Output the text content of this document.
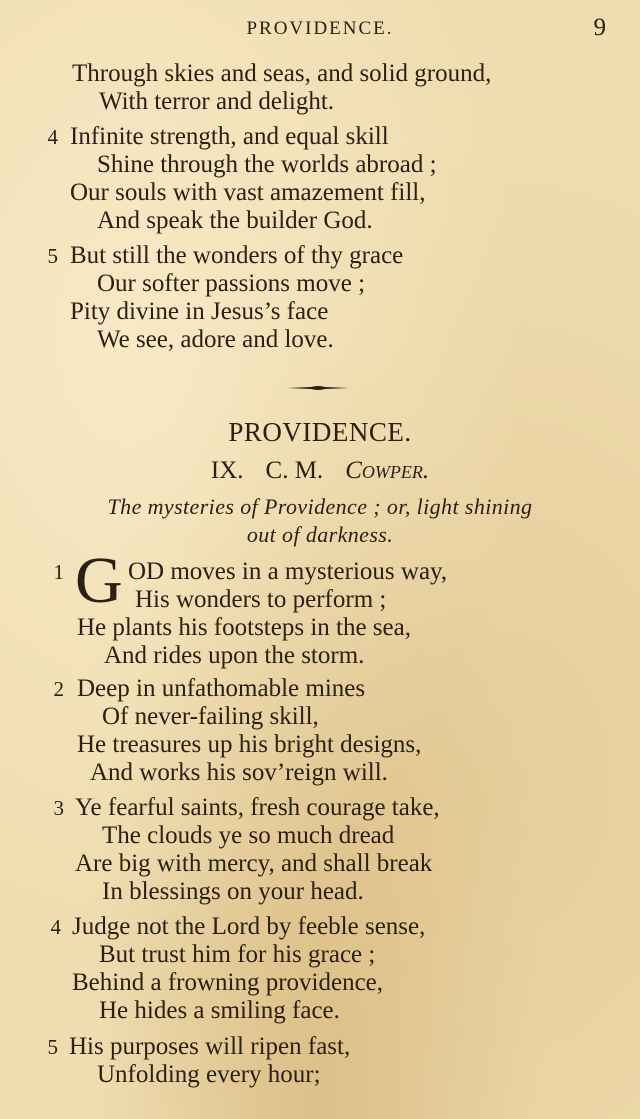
PROVIDENCE.	9
Through skies and seas, and solid ground,
With terror and delight.
4 Infinite strength, and equal skill
Shine through the worlds abroad ;
Our souls with vast amazement fill,
And speak the builder God.
5 But still the wonders of thy grace
Our softer passions move ;
Pity divine in Jesus’s face
We see, adore and love.
PROVIDENCE.
IX. C. M. Cowper.
The mysteries of Providence ; or, light shining
out of darkness.
1 G OD moves in a mysterious way,
His wonders to perform ;
He plants his footsteps in the sea,
And rides upon the storm.
2 Deep in unfathomable mines
Of never-failing skill,
He treasures up his bright designs,
And works his sov’reign will.
3 Ye fearful saints, fresh courage take,
The clouds ye so much dread
Are big with mercy, and shall break
In blessings on your head.
4 Judge not the Lord by feeble sense,
But trust him for his grace ;
Behind a frowning providence,
He hides a smiling face.
5 His purposes will ripen fast,
Unfolding every hour;
